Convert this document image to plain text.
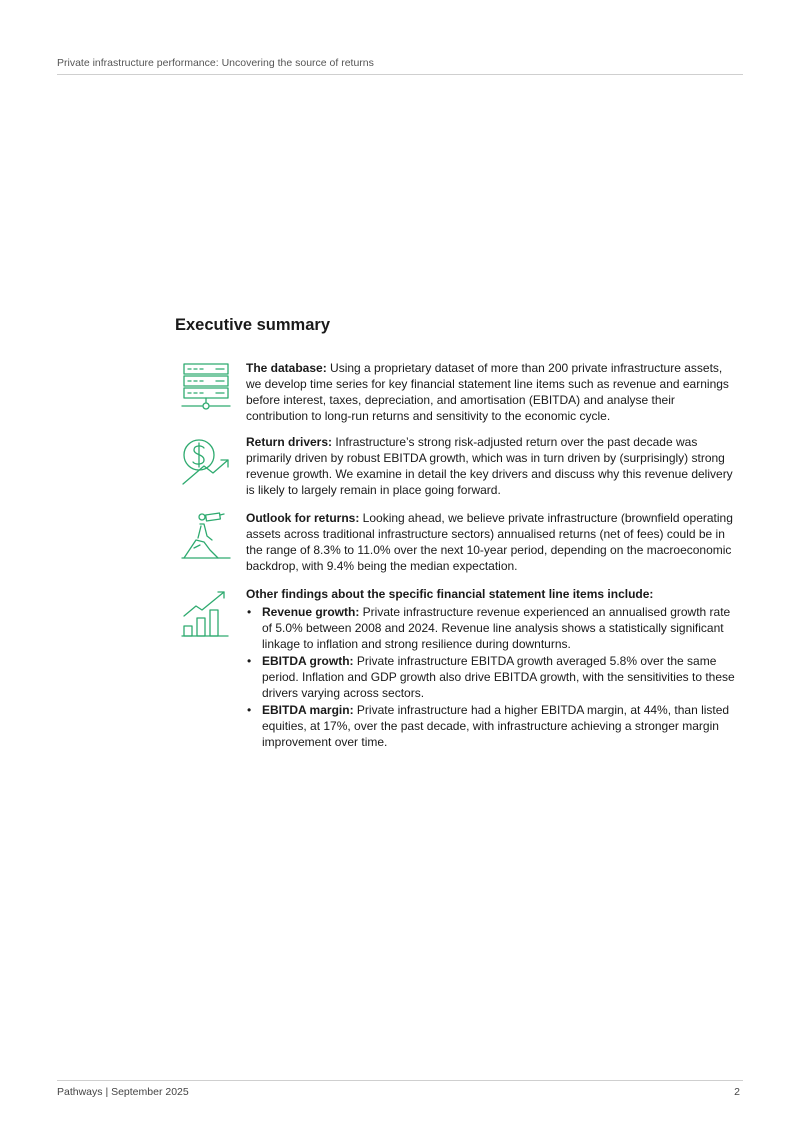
Private infrastructure performance: Uncovering the source of returns
Executive summary
The database: Using a proprietary dataset of more than 200 private infrastructure assets, we develop time series for key financial statement line items such as revenue and earnings before interest, taxes, depreciation, and amortisation (EBITDA) and analyse their contribution to long-run returns and sensitivity to the economic cycle.
Return drivers: Infrastructure’s strong risk-adjusted return over the past decade was primarily driven by robust EBITDA growth, which was in turn driven by (surprisingly) strong revenue growth. We examine in detail the key drivers and discuss why this revenue delivery is likely to largely remain in place going forward.
Outlook for returns: Looking ahead, we believe private infrastructure (brownfield operating assets across traditional infrastructure sectors) annualised returns (net of fees) could be in the range of 8.3% to 11.0% over the next 10-year period, depending on the macroeconomic backdrop, with 9.4% being the median expectation.
Other findings about the specific financial statement line items include:
• Revenue growth: Private infrastructure revenue experienced an annualised growth rate of 5.0% between 2008 and 2024. Revenue line analysis shows a statistically significant linkage to inflation and strong resilience during downturns.
• EBITDA growth: Private infrastructure EBITDA growth averaged 5.8% over the same period. Inflation and GDP growth also drive EBITDA growth, with the sensitivities to these drivers varying across sectors.
• EBITDA margin: Private infrastructure had a higher EBITDA margin, at 44%, than listed equities, at 17%, over the past decade, with infrastructure achieving a stronger margin improvement over time.
Pathways | September 2025	2
